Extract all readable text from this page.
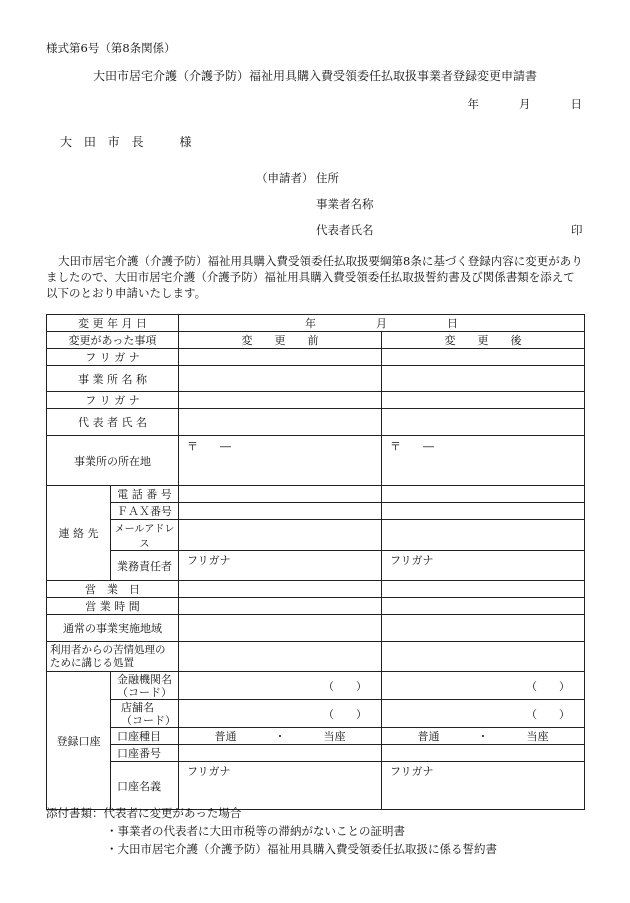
様式第6号（第8条関係）
大田市居宅介護（介護予防）福祉用具購入費受領委任払取扱事業者登録変更申請書
年	月	日
大 田 市 長　　様
（申請者） 住所
事業者名称
代表者氏名	印
大田市居宅介護（介護予防）福祉用具購入費受領委任払取扱要綱第8条に基づく登録内容に変更がありましたので、大田市居宅介護（介護予防）福祉用具購入費受領委任払取扱誓約書及び関係書類を添えて以下のとおり申請いたします。
変 更 年 月 日		年 月 日	
変更があった事項		変　　更　　前	変　　更　　後
フ リ ガ ナ			
事 業 所 名 称			
フ リ ガ ナ			
代 表 者 氏 名			
事業所の所在地		〒　　―	〒　　―
連 絡 先	電 話 番 号		
	ＦＡＸ番号		
	メールアドレス		
	業務責任者	フリガナ	フリガナ
営　業　日			
営 業 時 間			
通常の事業実施地域			
利用者からの苦情処理のために講じる処置			
登録口座	金融機関名（コード）	（　　）	（　　）

	店舗名（コード）	（　　）	（　　）

	口座種目	普通 ・ 当座	普通 ・ 当座
	口座番号		
	口座名義	フリガナ	フリガナ
添付書類：代表者に変更があった場合
・事業者の代表者に大田市税等の滞納がないことの証明書
・大田市居宅介護（介護予防）福祉用具購入費受領委任払取扱に係る誓約書
